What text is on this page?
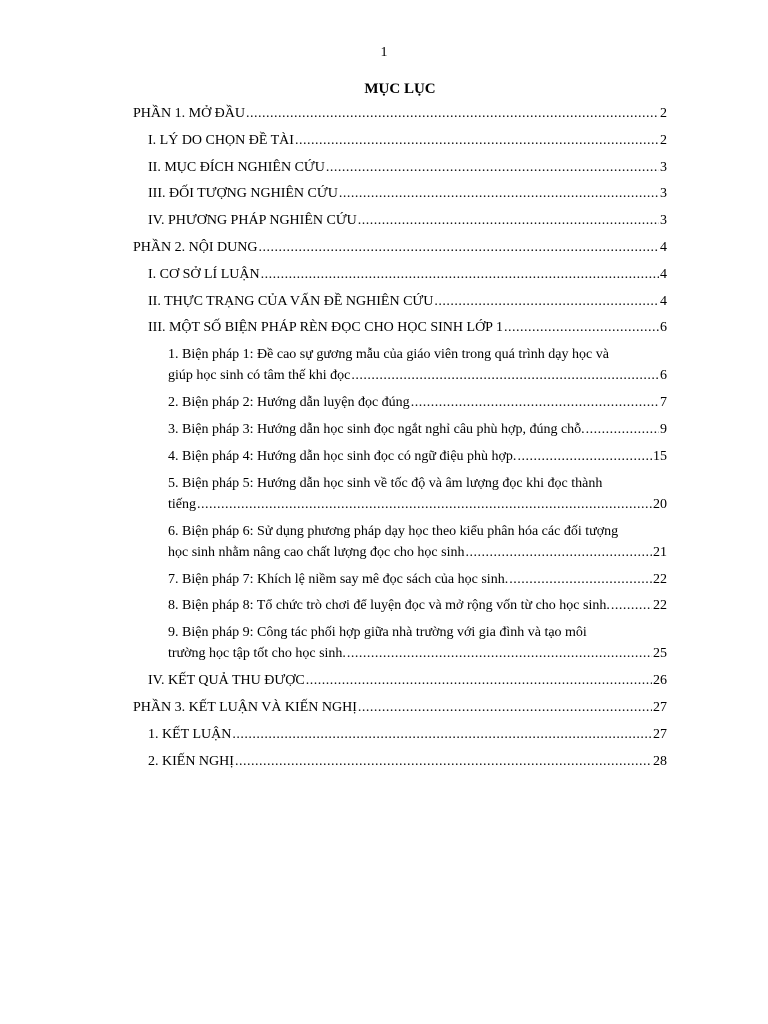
1
MỤC LỤC
PHẦN 1. MỞ ĐẦU .....	2
I. LÝ DO CHỌN ĐỀ TÀI .....	2
II. MỤC ĐÍCH NGHIÊN CỨU .....	3
III. ĐỐI TƯỢNG NGHIÊN CỨU .....	3
IV. PHƯƠNG PHÁP NGHIÊN CỨU .....	3
PHẦN 2. NỘI DUNG .....	4
I. CƠ SỞ LÍ LUẬN .....	4
II. THỰC TRẠNG CỦA VẤN ĐỀ NGHIÊN CỨU .....	4
III. MỘT SỐ BIỆN PHÁP RÈN ĐỌC CHO HỌC SINH LỚP 1 .....	6
1. Biện pháp 1: Đề cao sự gương mẫu của giáo viên trong quá trình dạy học và
giúp học sinh có tâm thế khi đọc .....	6
2. Biện pháp 2: Hướng dẫn luyện đọc đúng .....	7
3. Biện pháp 3: Hướng dẫn học sinh đọc ngắt nghỉ câu phù hợp, đúng chỗ. .....	9
4. Biện pháp 4: Hướng dẫn học sinh đọc có ngữ điệu phù hợp. .....	15
5. Biện pháp 5: Hướng dẫn học sinh về tốc độ và âm lượng đọc khi đọc thành
tiếng .....	20
6. Biện pháp 6: Sử dụng phương pháp dạy học theo kiểu phân hóa các đối tượng
học sinh nhằm nâng cao chất lượng đọc cho học sinh .....	21
7. Biện pháp 7: Khích lệ niềm say mê đọc sách của học sinh. .....	22
8. Biện pháp 8: Tổ chức trò chơi để luyện đọc và mở rộng vốn từ cho học sinh. .....	22
9. Biện pháp 9: Công tác phối hợp giữa nhà trường với gia đình và tạo môi
trường học tập tốt cho học sinh. .....	25
IV. KẾT QUẢ THU ĐƯỢC .....	26
PHẦN 3. KẾT LUẬN VÀ KIẾN NGHỊ .....	27
1. KẾT LUẬN .....	27
2. KIẾN NGHỊ .....	28
